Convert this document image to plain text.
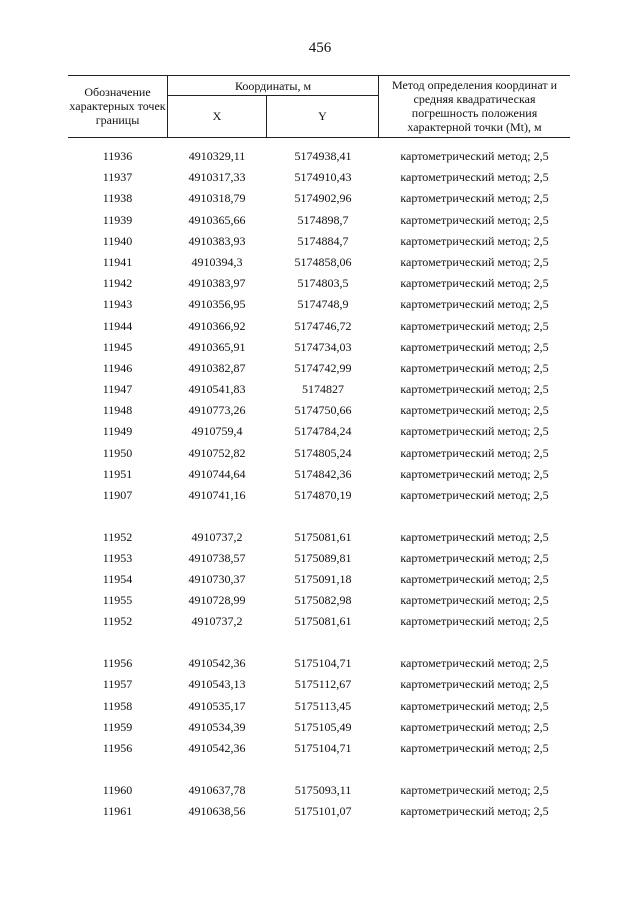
456
Обозначение характерных точек границы
Координаты, м
X	Y
Метод определения координат и средняя квадратическая погрешность положения характерной точки (Mt), м
11936	4910329,11	5174938,41	картометрический метод; 2,5
11937	4910317,33	5174910,43	картометрический метод; 2,5
11938	4910318,79	5174902,96	картометрический метод; 2,5
11939	4910365,66	5174898,7	картометрический метод; 2,5
11940	4910383,93	5174884,7	картометрический метод; 2,5
11941	4910394,3	5174858,06	картометрический метод; 2,5
11942	4910383,97	5174803,5	картометрический метод; 2,5
11943	4910356,95	5174748,9	картометрический метод; 2,5
11944	4910366,92	5174746,72	картометрический метод; 2,5
11945	4910365,91	5174734,03	картометрический метод; 2,5
11946	4910382,87	5174742,99	картометрический метод; 2,5
11947	4910541,83	5174827	картометрический метод; 2,5
11948	4910773,26	5174750,66	картометрический метод; 2,5
11949	4910759,4	5174784,24	картометрический метод; 2,5
11950	4910752,82	5174805,24	картометрический метод; 2,5
11951	4910744,64	5174842,36	картометрический метод; 2,5
11907	4910741,16	5174870,19	картометрический метод; 2,5
11952	4910737,2	5175081,61	картометрический метод; 2,5
11953	4910738,57	5175089,81	картометрический метод; 2,5
11954	4910730,37	5175091,18	картометрический метод; 2,5
11955	4910728,99	5175082,98	картометрический метод; 2,5
11952	4910737,2	5175081,61	картометрический метод; 2,5
11956	4910542,36	5175104,71	картометрический метод; 2,5
11957	4910543,13	5175112,67	картометрический метод; 2,5
11958	4910535,17	5175113,45	картометрический метод; 2,5
11959	4910534,39	5175105,49	картометрический метод; 2,5
11956	4910542,36	5175104,71	картометрический метод; 2,5
11960	4910637,78	5175093,11	картометрический метод; 2,5
11961	4910638,56	5175101,07	картометрический метод; 2,5
